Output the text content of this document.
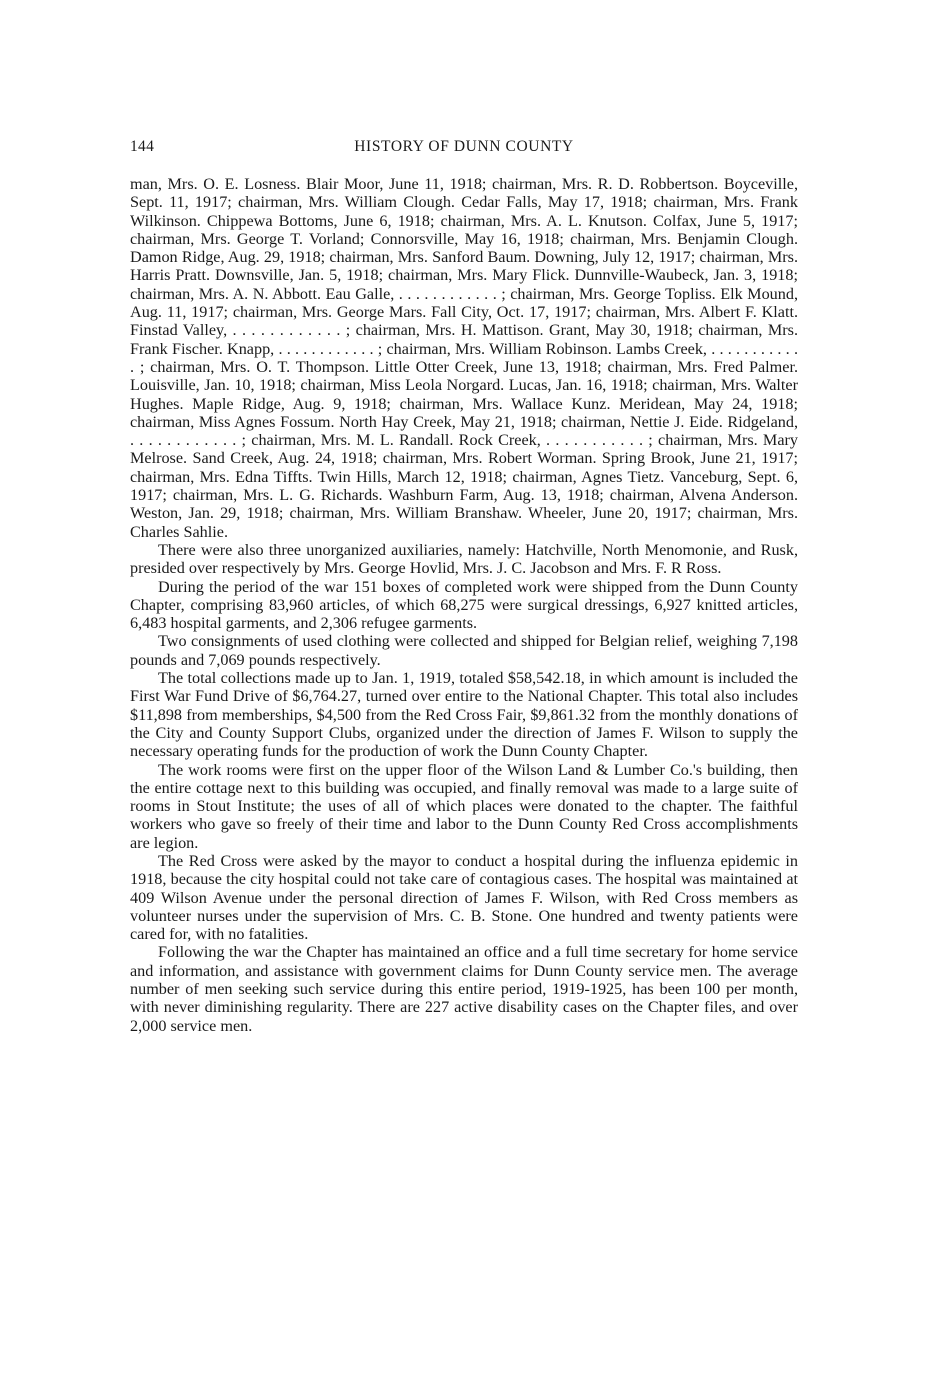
144	HISTORY OF DUNN COUNTY

man, Mrs. O. E. Losness. Blair Moor, June 11, 1918; chairman, Mrs. R. D. Robbertson. Boyceville, Sept. 11, 1917; chairman, Mrs. William Clough. Cedar Falls, May 17, 1918; chairman, Mrs. Frank Wilkinson. Chippewa Bottoms, June 6, 1918; chairman, Mrs. A. L. Knutson. Colfax, June 5, 1917; chairman, Mrs. George T. Vorland; Connorsville, May 16, 1918; chairman, Mrs. Benjamin Clough. Damon Ridge, Aug. 29, 1918; chairman, Mrs. Sanford Baum. Downing, July 12, 1917; chairman, Mrs. Harris Pratt. Downsville, Jan. 5, 1918; chairman, Mrs. Mary Flick. Dunnville-Waubeck, Jan. 3, 1918; chairman, Mrs. A. N. Abbott. Eau Galle, . . . . . . . . . . . . ; chairman, Mrs. George Topliss. Elk Mound, Aug. 11, 1917; chairman, Mrs. George Mars. Fall City, Oct. 17, 1917; chairman, Mrs. Albert F. Klatt. Finstad Valley, . . . . . . . . . . . . ; chairman, Mrs. H. Mattison. Grant, May 30, 1918; chairman, Mrs. Frank Fischer. Knapp, . . . . . . . . . . . . ; chairman, Mrs. William Robinson. Lambs Creek, . . . . . . . . . . . . ; chairman, Mrs. O. T. Thompson. Little Otter Creek, June 13, 1918; chairman, Mrs. Fred Palmer. Louisville, Jan. 10, 1918; chairman, Miss Leola Norgard. Lucas, Jan. 16, 1918; chairman, Mrs. Walter Hughes. Maple Ridge, Aug. 9, 1918; chairman, Mrs. Wallace Kunz. Meridean, May 24, 1918; chairman, Miss Agnes Fossum. North Hay Creek, May 21, 1918; chairman, Nettie J. Eide. Ridgeland, . . . . . . . . . . . . ; chairman, Mrs. M. L. Randall. Rock Creek, . . . . . . . . . . . ; chairman, Mrs. Mary Melrose. Sand Creek, Aug. 24, 1918; chairman, Mrs. Robert Worman. Spring Brook, June 21, 1917; chairman, Mrs. Edna Tiffts. Twin Hills, March 12, 1918; chairman, Agnes Tietz. Vanceburg, Sept. 6, 1917; chairman, Mrs. L. G. Richards. Washburn Farm, Aug. 13, 1918; chairman, Alvena Anderson. Weston, Jan. 29, 1918; chairman, Mrs. William Branshaw. Wheeler, June 20, 1917; chairman, Mrs. Charles Sahlie.

There were also three unorganized auxiliaries, namely: Hatchville, North Menomonie, and Rusk, presided over respectively by Mrs. George Hovlid, Mrs. J. C. Jacobson and Mrs. F. R Ross.

During the period of the war 151 boxes of completed work were shipped from the Dunn County Chapter, comprising 83,960 articles, of which 68,275 were surgical dressings, 6,927 knitted articles, 6,483 hospital garments, and 2,306 refugee garments.

Two consignments of used clothing were collected and shipped for Belgian relief, weighing 7,198 pounds and 7,069 pounds respectively.

The total collections made up to Jan. 1, 1919, totaled $58,542.18, in which amount is included the First War Fund Drive of $6,764.27, turned over entire to the National Chapter. This total also includes $11,898 from memberships, $4,500 from the Red Cross Fair, $9,861.32 from the monthly donations of the City and County Support Clubs, organized under the direction of James F. Wilson to supply the necessary operating funds for the production of work the Dunn County Chapter.

The work rooms were first on the upper floor of the Wilson Land & Lumber Co.'s building, then the entire cottage next to this building was occupied, and finally removal was made to a large suite of rooms in Stout Institute; the uses of all of which places were donated to the chapter. The faithful workers who gave so freely of their time and labor to the Dunn County Red Cross accomplishments are legion.

The Red Cross were asked by the mayor to conduct a hospital during the influenza epidemic in 1918, because the city hospital could not take care of contagious cases. The hospital was maintained at 409 Wilson Avenue under the personal direction of James F. Wilson, with Red Cross members as volunteer nurses under the supervision of Mrs. C. B. Stone. One hundred and twenty patients were cared for, with no fatalities.

Following the war the Chapter has maintained an office and a full time secretary for home service and information, and assistance with government claims for Dunn County service men. The average number of men seeking such service during this entire period, 1919-1925, has been 100 per month, with never diminishing regularity. There are 227 active disability cases on the Chapter files, and over 2,000 service men.
